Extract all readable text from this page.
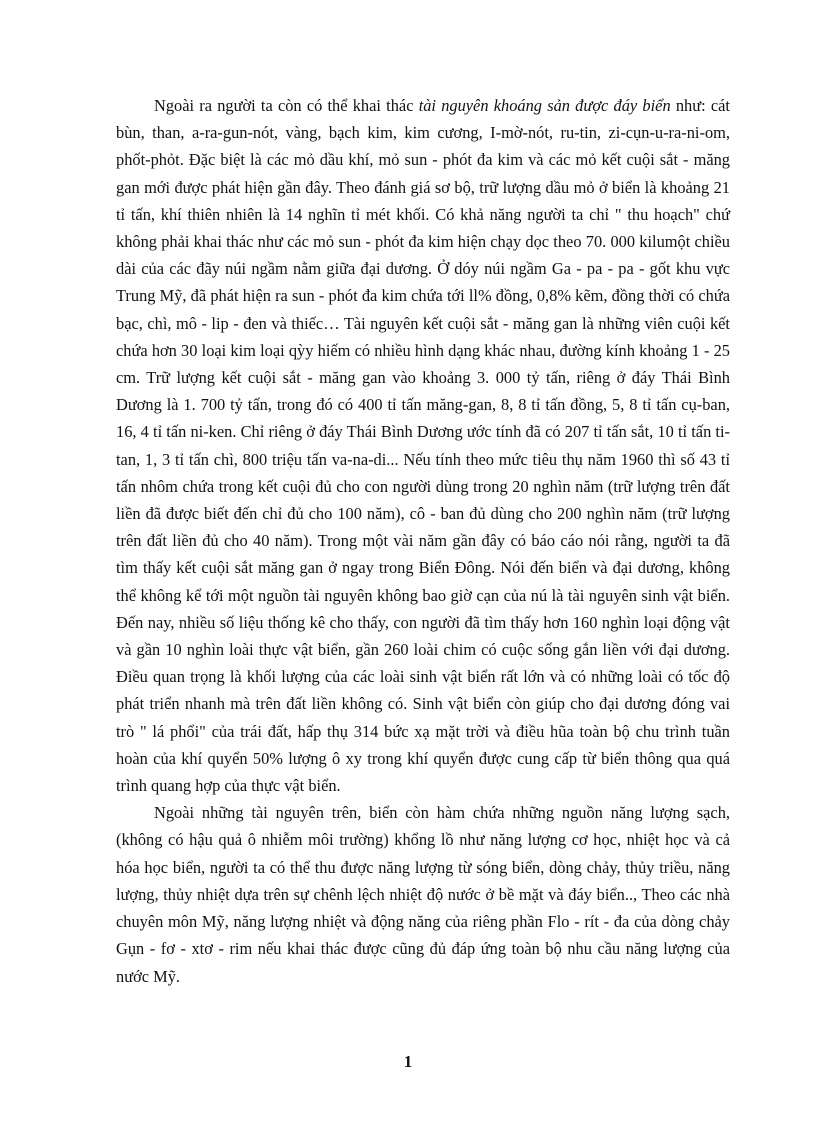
Ngoài ra người ta còn có thể khai thác tài nguyên khoáng sản được đáy biển như: cát bùn, than, a-ra-gun-nót, vàng, bạch kim, kim cương, I-mờ-nót, ru-tin, zi-cụn-u-ra-ni-om, phốt-phỏt. Đặc biệt là các mỏ dầu khí, mỏ sun - phót đa kim và các mỏ kết cuội sắt - măng gan mới được phát hiện gần đây. Theo đánh giá sơ bộ, trữ lượng dầu mỏ ở biển là khoảng 21 tỉ tấn, khí thiên nhiên là 14 nghĩn tỉ mét khối. Có khả năng người ta chỉ " thu hoạch" chứ không phải khai thác như các mỏ sun - phót đa kim hiện chạy dọc theo 70. 000 kilumột chiều dài của các đãy núi ngầm nằm giữa đại dương. Ở dóy núi ngầm Ga - pa - pa - gốt khu vực Trung Mỹ, đã phát hiện ra sun - phót đa kim chứa tới ll% đồng, 0,8% kẽm, đồng thời có chứa bạc, chì, mô - lip - đen và thiếc… Tài nguyên kết cuội sắt - măng gan là những viên cuội kết chứa hơn 30 loại kim loại qỳy hiếm có nhiều hình dạng khác nhau, đường kính khoảng 1 - 25 cm. Trữ lượng kết cuội sắt - măng gan vào khoảng 3. 000 tỷ tấn, riêng ở đáy Thái Bình Dương là 1. 700 tỷ tấn, trong đó có 400 tỉ tấn măng-gan, 8, 8 tỉ tấn đồng, 5, 8 tỉ tấn cụ-ban, 16, 4 tỉ tấn ni-ken. Chỉ riêng ở đáy Thái Bình Dương ước tính đã có 207 tỉ tấn sắt, 10 tỉ tấn ti-tan, 1, 3 tỉ tấn chì, 800 triệu tấn va-na-di... Nếu tính theo mức tiêu thụ năm 1960 thì số 43 tỉ tấn nhôm chứa trong kết cuội đủ cho con người dùng trong 20 nghìn năm (trữ lượng trên đất liền đã được biết đến chỉ đủ cho 100 năm), cô - ban đủ dùng cho 200 nghìn năm (trữ lượng trên đất liền đủ cho 40 năm). Trong một vài năm gần đây có báo cáo nói rằng, người ta đã tìm thấy kết cuội sắt măng gan ở ngay trong Biển Đông. Nói đến biển và đại dương, không thể không kể tới một nguồn tài nguyên không bao giờ cạn của nú là tài nguyên sinh vật biển. Đến nay, nhiều số liệu thống kê cho thấy, con người đã tìm thấy hơn 160 nghìn loại động vật và gần 10 nghìn loài thực vật biển, gần 260 loài chim có cuộc sống gắn liền với đại dương. Điều quan trọng là khối lượng của các loài sinh vật biển rất lớn và có những loài có tốc độ phát triển nhanh mà trên đất liền không có. Sinh vật biển còn giúp cho đại dương đóng vai trò " lá phổi" của trái đất, hấp thụ 314 bức xạ mặt trời và điều hũa toàn bộ chu trình tuần hoàn của khí quyển 50% lượng ô xy trong khí quyển được cung cấp từ biển thông qua quá trình quang hợp của thực vật biển.

Ngoài những tài nguyên trên, biển còn hàm chứa những nguồn năng lượng sạch, (không có hậu quả ô nhiễm môi trường) khổng lồ như năng lượng cơ học, nhiệt học và cả hóa học biển, người ta có thể thu được năng lượng từ sóng biển, dòng chảy, thủy triều, năng lượng, thủy nhiệt dựa trên sự chênh lệch nhiệt độ nước ở bề mặt và đáy biển.., Theo các nhà chuyên môn Mỹ, năng lượng nhiệt và động năng của riêng phần Flo - rít - đa của dòng chảy Gụn - fơ - xtơ - rim nếu khai thác được cũng đủ đáp ứng toàn bộ nhu cầu năng lượng của nước Mỹ.

1
